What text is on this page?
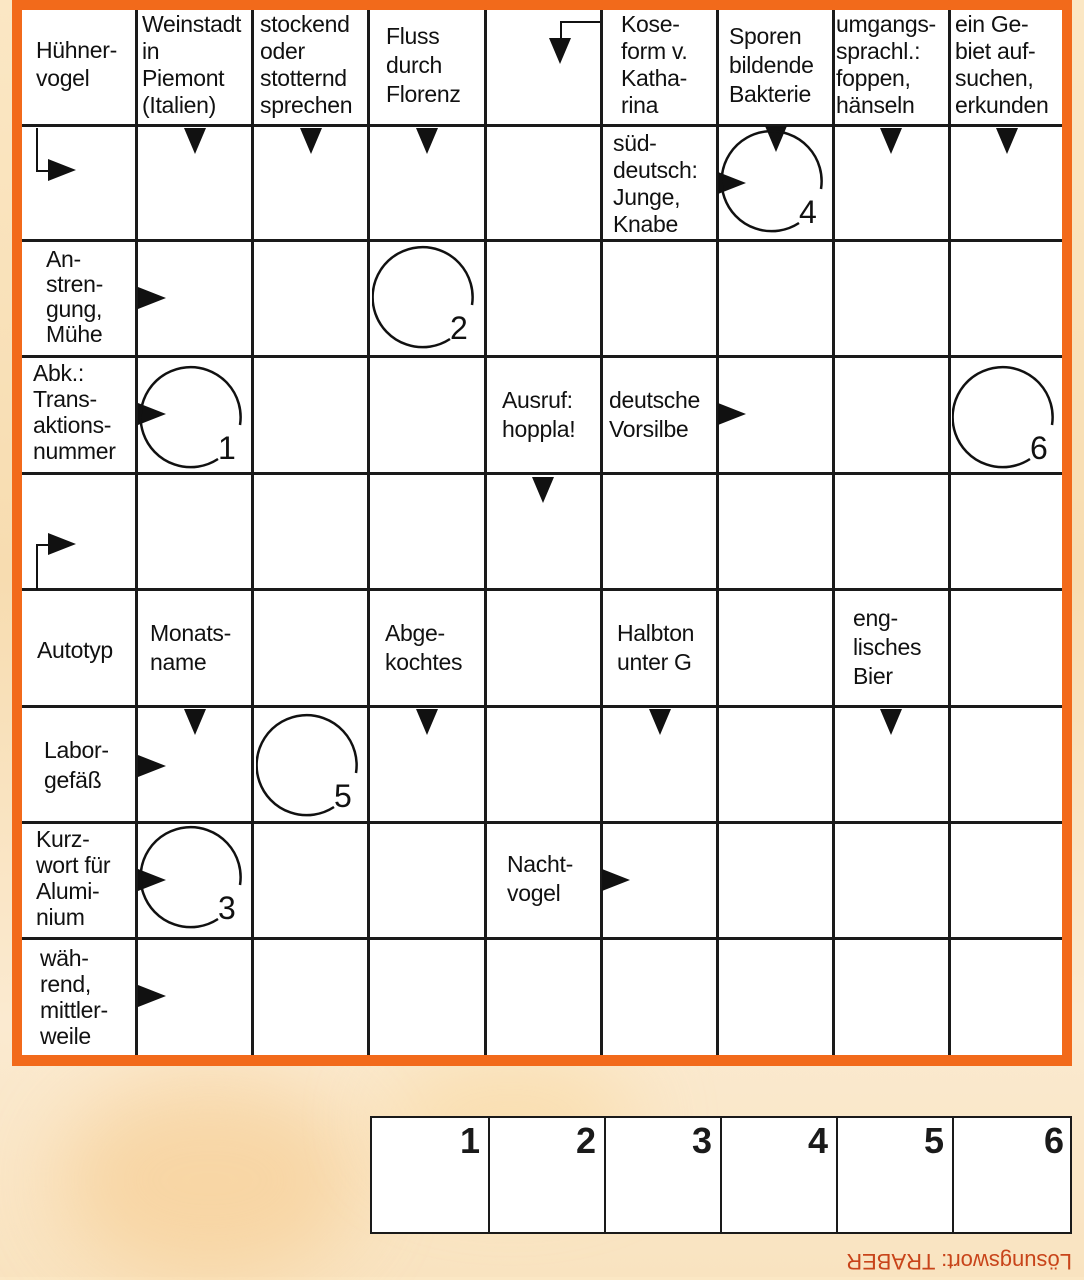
Hühner-
vogel
Weinstadt
in
Piemont
(Italien)
stockend
oder
stotternd
sprechen
Fluss
durch
Florenz
Kose-
form v.
Katha-
rina
Sporen
bildende
Bakterie
umgangs-
sprachl.:
foppen,
hänseln
ein Ge-
biet auf-
suchen,
erkunden
süd-
deutsch:
Junge,
Knabe
An-
stren-
gung,
Mühe
Abk.:
Trans-
aktions-
nummer
Ausruf:
hoppla!
deutsche
Vorsilbe
Autotyp
Monats-
name
Abge-
kochtes
Halbton
unter G
eng-
lisches
Bier
Labor-
gefäß
Kurz-
wort für
Alumi-
nium
Nacht-
vogel
wäh-
rend,
mittler-
weile
1
2
3
4
5
6
1	2	3	4	5	6
Lösungswort: TRABER
